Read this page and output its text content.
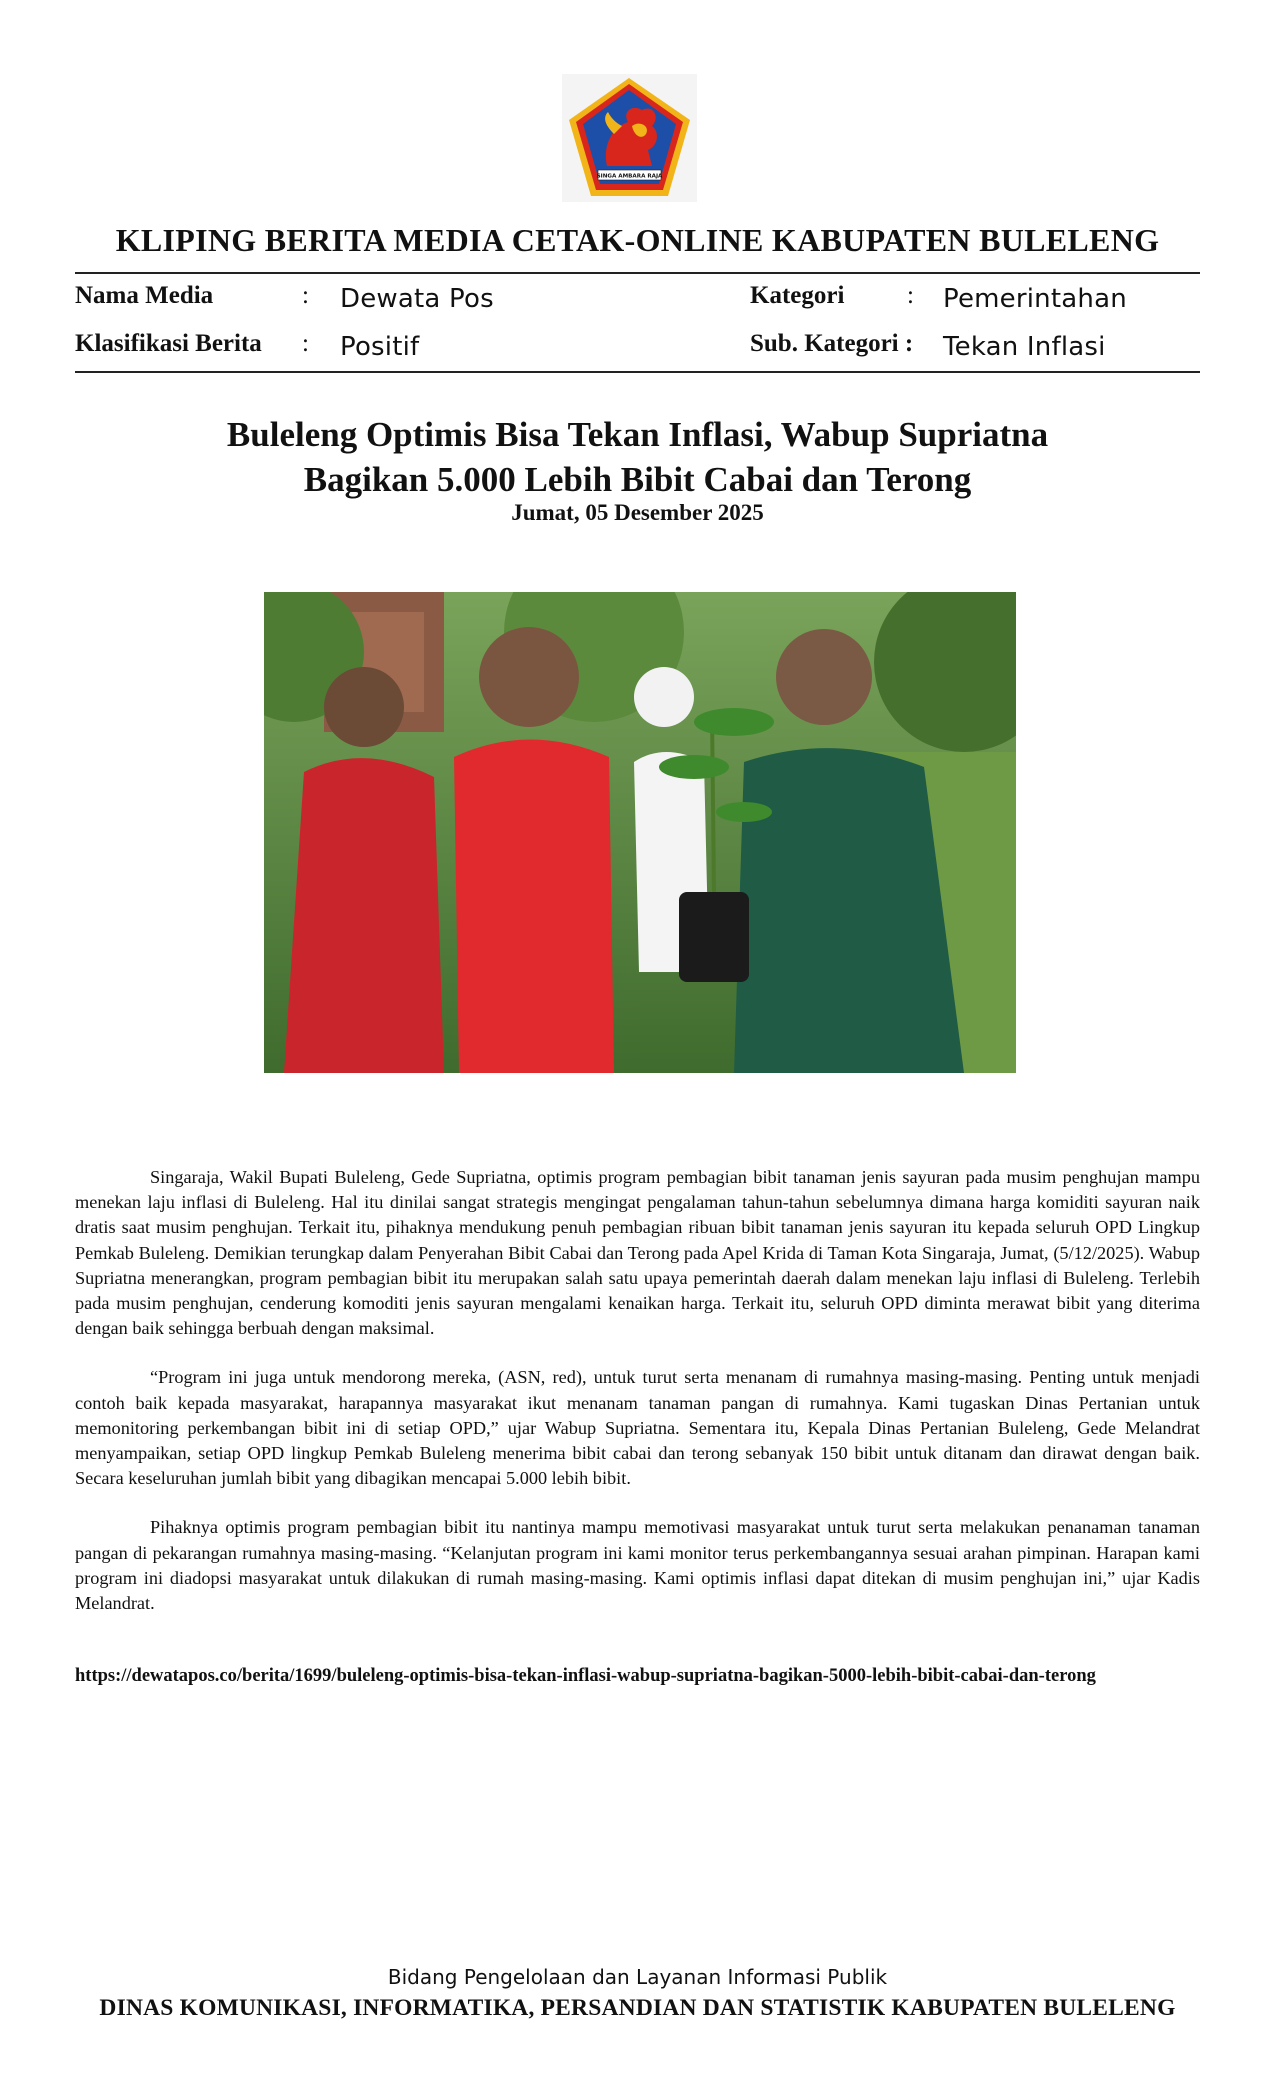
SINGA AMBARA RAJA
KLIPING BERITA MEDIA CETAK-ONLINE KABUPATEN BULELENG
Nama Media	: Dewata Pos
Klasifikasi Berita : Positif
Kategori	: Pemerintahan
Sub. Kategori : Tekan Inflasi
Buleleng Optimis Bisa Tekan Inflasi, Wabup Supriatna
Bagikan 5.000 Lebih Bibit Cabai dan Terong
Jumat, 05 Desember 2025

Singaraja, Wakil Bupati Buleleng, Gede Supriatna, optimis program pembagian bibit tanaman jenis sayuran pada musim penghujan mampu menekan laju inflasi di Buleleng. Hal itu dinilai sangat strategis mengingat pengalaman tahun-tahun sebelumnya dimana harga komiditi sayuran naik dratis saat musim penghujan. Terkait itu, pihaknya mendukung penuh pembagian ribuan bibit tanaman jenis sayuran itu kepada seluruh OPD Lingkup Pemkab Buleleng. Demikian terungkap dalam Penyerahan Bibit Cabai dan Terong pada Apel Krida di Taman Kota Singaraja, Jumat, (5/12/2025). Wabup Supriatna menerangkan, program pembagian bibit itu merupakan salah satu upaya pemerintah daerah dalam menekan laju inflasi di Buleleng. Terlebih pada musim penghujan, cenderung komoditi jenis sayuran mengalami kenaikan harga. Terkait itu, seluruh OPD diminta merawat bibit yang diterima dengan baik sehingga berbuah dengan maksimal.

“Program ini juga untuk mendorong mereka, (ASN, red), untuk turut serta menanam di rumahnya masing-masing. Penting untuk menjadi contoh baik kepada masyarakat, harapannya masyarakat ikut menanam tanaman pangan di rumahnya. Kami tugaskan Dinas Pertanian untuk memonitoring perkembangan bibit ini di setiap OPD,” ujar Wabup Supriatna. Sementara itu, Kepala Dinas Pertanian Buleleng, Gede Melandrat menyampaikan, setiap OPD lingkup Pemkab Buleleng menerima bibit cabai dan terong sebanyak 150 bibit untuk ditanam dan dirawat dengan baik. Secara keseluruhan jumlah bibit yang dibagikan mencapai 5.000 lebih bibit.

Pihaknya optimis program pembagian bibit itu nantinya mampu memotivasi masyarakat untuk turut serta melakukan penanaman tanaman pangan di pekarangan rumahnya masing-masing. “Kelanjutan program ini kami monitor terus perkembangannya sesuai arahan pimpinan. Harapan kami program ini diadopsi masyarakat untuk dilakukan di rumah masing-masing. Kami optimis inflasi dapat ditekan di musim penghujan ini,” ujar Kadis Melandrat.

https://dewatapos.co/berita/1699/buleleng-optimis-bisa-tekan-inflasi-wabup-supriatna-bagikan-5000-lebih-bibit-cabai-dan-terong
Bidang Pengelolaan dan Layanan Informasi Publik
DINAS KOMUNIKASI, INFORMATIKA, PERSANDIAN DAN STATISTIK KABUPATEN BULELENG
